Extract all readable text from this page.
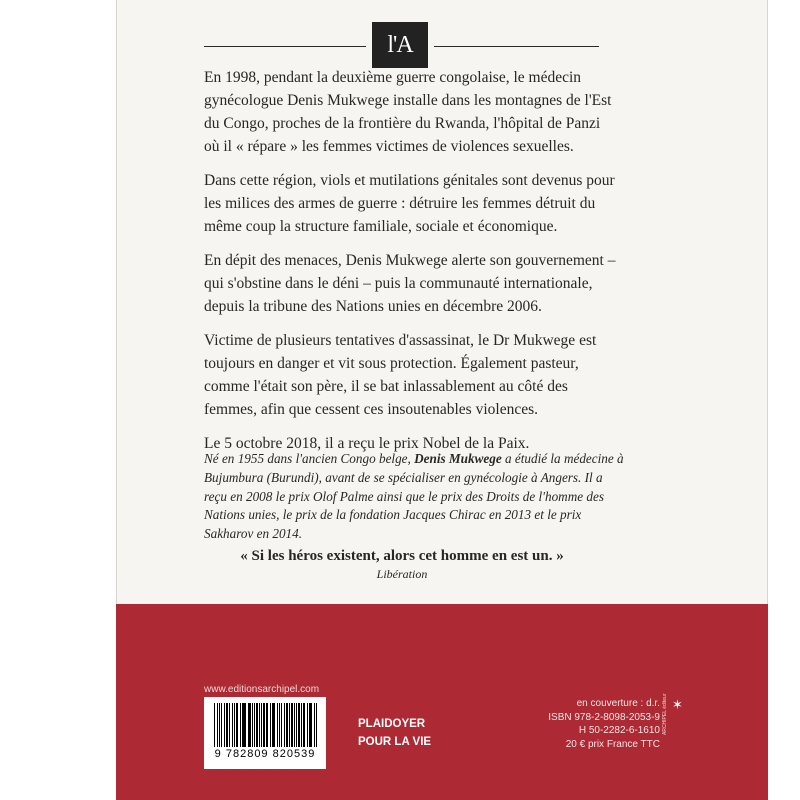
l'A

En 1998, pendant la deuxième guerre congolaise, le médecin gynécologue Denis Mukwege installe dans les montagnes de l'Est du Congo, proches de la frontière du Rwanda, l'hôpital de Panzi où il « répare » les femmes victimes de violences sexuelles.

Dans cette région, viols et mutilations génitales sont devenus pour les milices des armes de guerre : détruire les femmes détruit du même coup la structure familiale, sociale et économique.

En dépit des menaces, Denis Mukwege alerte son gouvernement – qui s'obstine dans le déni – puis la communauté internationale, depuis la tribune des Nations unies en décembre 2006.

Victime de plusieurs tentatives d'assassinat, le Dr Mukwege est toujours en danger et vit sous protection. Également pasteur, comme l'était son père, il se bat inlassablement au côté des femmes, afin que cessent ces insoutenables violences.

Le 5 octobre 2018, il a reçu le prix Nobel de la Paix.

Né en 1955 dans l'ancien Congo belge, Denis Mukwege a étudié la médecine à Bujumbura (Burundi), avant de se spécialiser en gynécologie à Angers. Il a reçu en 2008 le prix Olof Palme ainsi que le prix des Droits de l'homme des Nations unies, le prix de la fondation Jacques Chirac en 2013 et le prix Sakharov en 2014.

« Si les héros existent, alors cet homme en est un. »
Libération
www.editionsarchipel.com
9 782809 820539
PLAIDOYER
POUR LA VIE
en couverture : d.r.
ISBN 978-2-8098-2053-9
H 50-2282-6-1610
20 € prix France TTC
✶
ARCHIPEL éditeur
